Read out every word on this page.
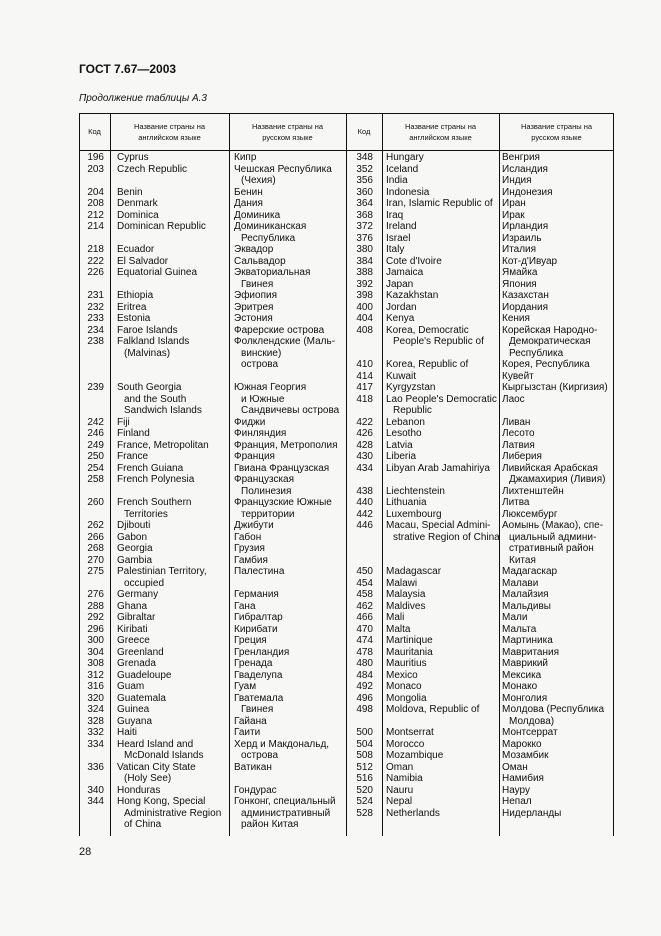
ГОСТ 7.67—2003
Продолжение таблицы А.3
Код
Название страны на
английском языке
Название страны на
русском языке
Код
Название страны на
английском языке
Название страны на
русском языке
196
203
204
208
212
214
218
222
226
231
232
233
234
238
239
242
246
249
250
254
258
260
262
266
268
270
275
276
288
292
296
300
304
308
312
316
320
324
328
332
334
336
340
344
Cyprus
Czech Republic
Benin
Denmark
Dominica
Dominican Republic
Ecuador
El Salvador
Equatorial Guinea
Ethiopia
Eritrea
Estonia
Faroe Islands
Falkland Islands
(Malvinas)
South Georgia
and the South
Sandwich Islands
Fiji
Finland
France, Metropolitan
France
French Guiana
French Polynesia
French Southern
Territories
Djibouti
Gabon
Georgia
Gambia
Palestinian Territory,
occupied
Germany
Ghana
Gibraltar
Kiribati
Greece
Greenland
Grenada
Guadeloupe
Guam
Guatemala
Guinea
Guyana
Haiti
Heard Island and
McDonald Islands
Vatican City State
(Holy See)
Honduras
Hong Kong, Special
Administrative Region
of China
Кипр
Чешская Республика
(Чехия)
Бенин
Дания
Доминика
Доминиканская
Республика
Эквадор
Сальвадор
Экваториальная
Гвинея
Эфиопия
Эритрея
Эстония
Фарерские острова
Фолклендские (Маль-
винские)
острова
Южная Георгия
и Южные
Сандвичевы острова
Фиджи
Финляндия
Франция, Метрополия
Франция
Гвиана Французская
Французская
Полинезия
Французские Южные
территории
Джибути
Габон
Грузия
Гамбия
Палестина
Германия
Гана
Гибралтар
Кирибати
Греция
Гренландия
Гренада
Гваделупа
Гуам
Гватемала
Гвинея
Гайана
Гаити
Херд и Макдональд,
острова
Ватикан
Гондурас
Гонконг, специальный
административный
район Китая
348
352
356
360
364
368
372
376
380
384
388
392
398
400
404
408
410
414
417
418
422
426
428
430
434
438
440
442
446
450
454
458
462
466
470
474
478
480
484
492
496
498
500
504
508
512
516
520
524
528
Hungary
Iceland
India
Indonesia
Iran, Islamic Republic of
Iraq
Ireland
Israel
Italy
Cote d'Ivoire
Jamaica
Japan
Kazakhstan
Jordan
Kenya
Korea, Democratic
People's Republic of
Korea, Republic of
Kuwait
Kyrgyzstan
Lao People's Democratic
Republic
Lebanon
Lesotho
Latvia
Liberia
Libyan Arab Jamahiriya
Liechtenstein
Lithuania
Luxembourg
Macau, Special Admini-
strative Region of China
Madagascar
Malawi
Malaysia
Maldives
Mali
Malta
Martinique
Mauritania
Mauritius
Mexico
Monaco
Mongolia
Moldova, Republic of
Montserrat
Morocco
Mozambique
Oman
Namibia
Nauru
Nepal
Netherlands
Венгрия
Исландия
Индия
Индонезия
Иран
Ирак
Ирландия
Израиль
Италия
Кот-д'Ивуар
Ямайка
Япония
Казахстан
Иордания
Кения
Корейская Народно-
Демократическая
Республика
Корея, Республика
Кувейт
Кыргызстан (Киргизия)
Лаос
Ливан
Лесото
Латвия
Либерия
Ливийская Арабская
Джамахирия (Ливия)
Лихтенштейн
Литва
Люксембург
Аомынь (Макао), спе-
циальный админи-
стративный район
Китая
Мадагаскар
Малави
Малайзия
Мальдивы
Мали
Мальта
Мартиника
Мавритания
Маврикий
Мексика
Монако
Монголия
Молдова (Республика
Молдова)
Монтсеррат
Марокко
Мозамбик
Оман
Намибия
Науру
Непал
Нидерланды
28
